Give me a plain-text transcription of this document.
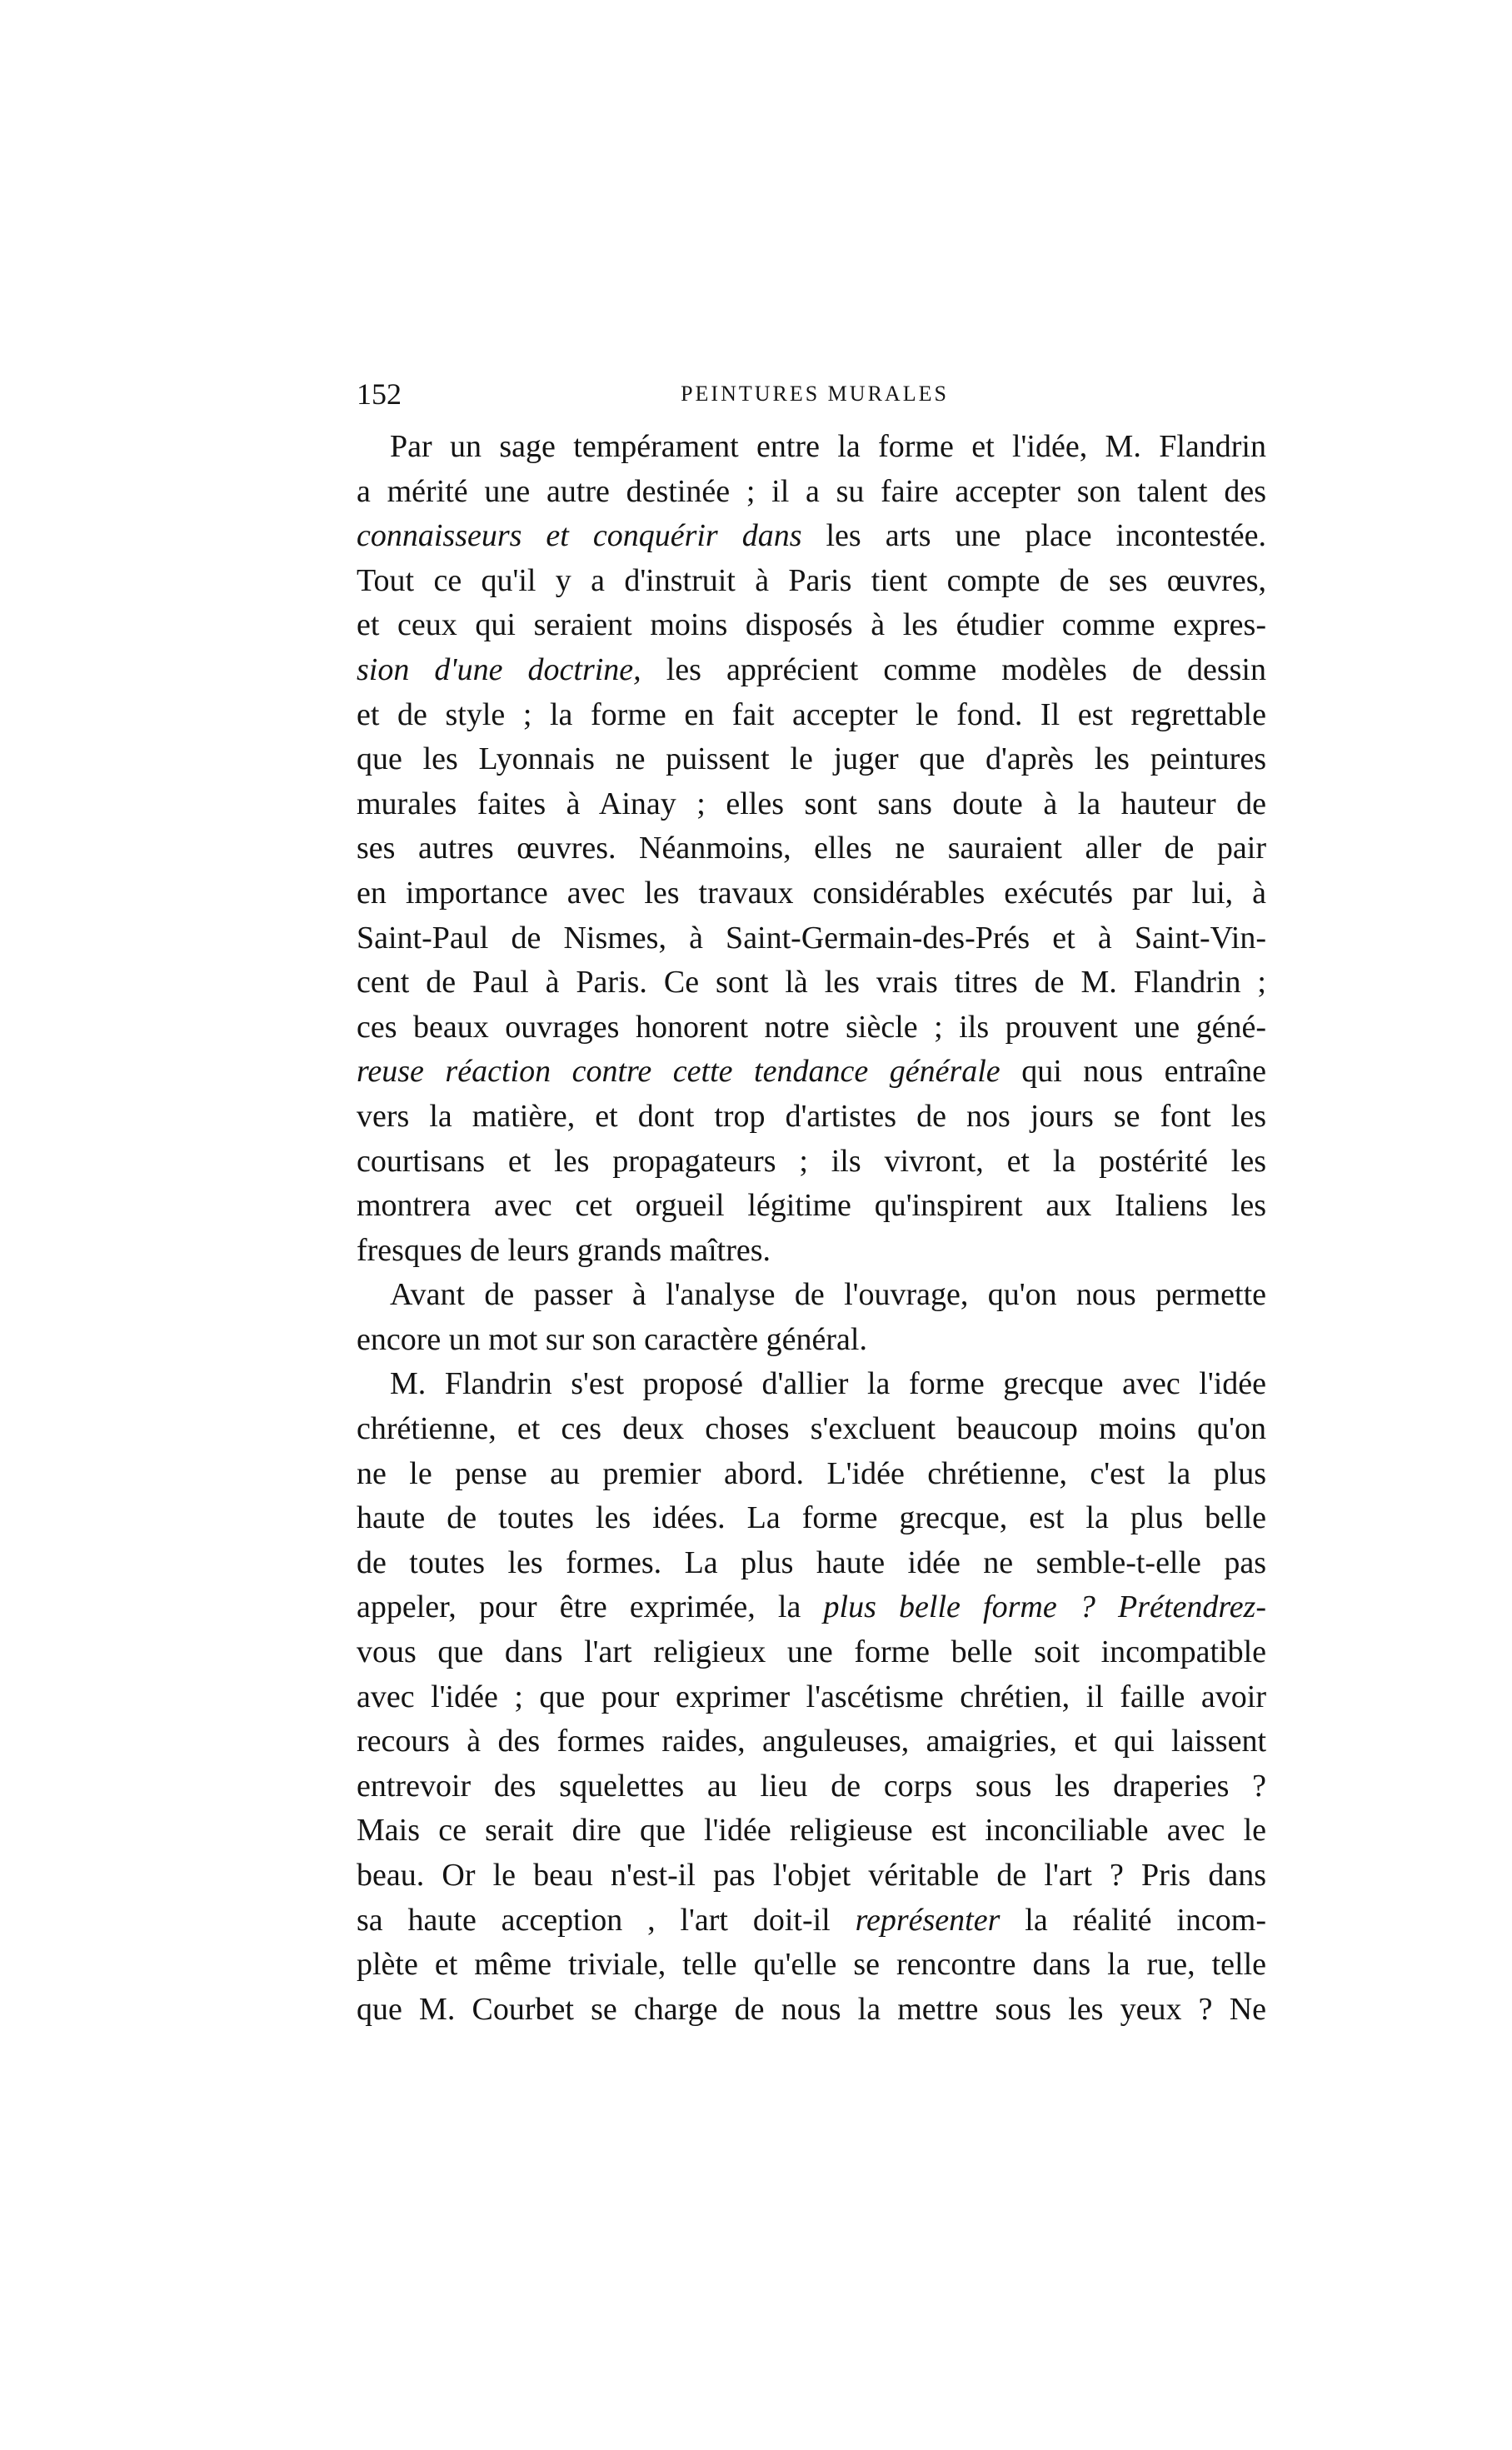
152	PEINTURES MURALES
Par un sage tempérament entre la forme et l'idée, M. Flandrin
a mérité une autre destinée ; il a su faire accepter son talent des
connaisseurs et conquérir dans les arts une place incontestée.
Tout ce qu'il y a d'instruit à Paris tient compte de ses œuvres,
et ceux qui seraient moins disposés à les étudier comme expres-
sion d'une doctrine, les apprécient comme modèles de dessin
et de style ; la forme en fait accepter le fond. Il est regrettable
que les Lyonnais ne puissent le juger que d'après les peintures
murales faites à Ainay ; elles sont sans doute à la hauteur de
ses autres œuvres. Néanmoins, elles ne sauraient aller de pair
en importance avec les travaux considérables exécutés par lui, à
Saint-Paul de Nismes, à Saint-Germain-des-Prés et à Saint-Vin-
cent de Paul à Paris. Ce sont là les vrais titres de M. Flandrin ;
ces beaux ouvrages honorent notre siècle ; ils prouvent une géné-
reuse réaction contre cette tendance générale qui nous entraîne
vers la matière, et dont trop d'artistes de nos jours se font les
courtisans et les propagateurs ; ils vivront, et la postérité les
montrera avec cet orgueil légitime qu'inspirent aux Italiens les
fresques de leurs grands maîtres.
Avant de passer à l'analyse de l'ouvrage, qu'on nous permette
encore un mot sur son caractère général.
M. Flandrin s'est proposé d'allier la forme grecque avec l'idée
chrétienne, et ces deux choses s'excluent beaucoup moins qu'on
ne le pense au premier abord. L'idée chrétienne, c'est la plus
haute de toutes les idées. La forme grecque, est la plus belle
de toutes les formes. La plus haute idée ne semble-t-elle pas
appeler, pour être exprimée, la plus belle forme ? Prétendrez-
vous que dans l'art religieux une forme belle soit incompatible
avec l'idée ; que pour exprimer l'ascétisme chrétien, il faille avoir
recours à des formes raides, anguleuses, amaigries, et qui laissent
entrevoir des squelettes au lieu de corps sous les draperies ?
Mais ce serait dire que l'idée religieuse est inconciliable avec le
beau. Or le beau n'est-il pas l'objet véritable de l'art ? Pris dans
sa haute acception , l'art doit-il représenter la réalité incom-
plète et même triviale, telle qu'elle se rencontre dans la rue, telle
que M. Courbet se charge de nous la mettre sous les yeux ? Ne
